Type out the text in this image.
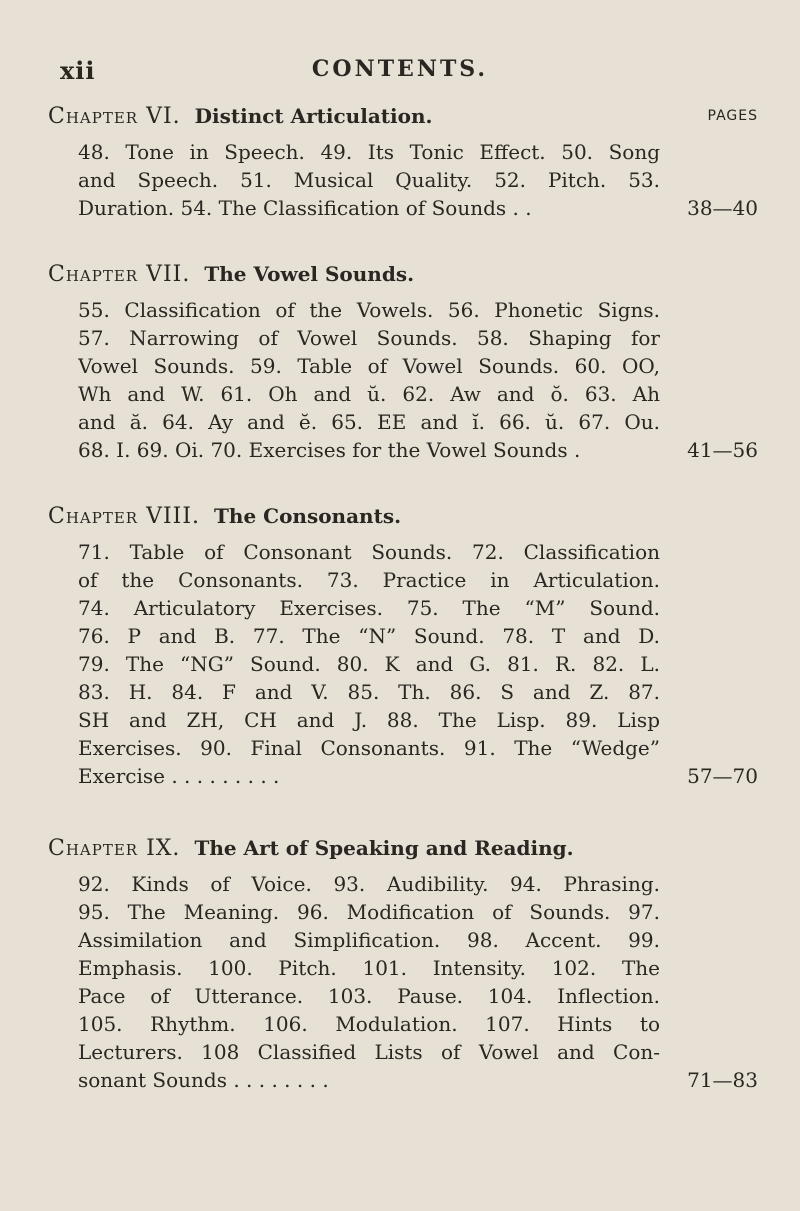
xii	CONTENTS.
Chapter VI. Distinct Articulation.	PAGES
48. Tone in Speech. 49. Its Tonic Effect. 50. Song
and Speech. 51. Musical Quality. 52. Pitch. 53.
Duration. 54. The Classification of Sounds . .	38—40
Chapter VII. The Vowel Sounds.
55. Classification of the Vowels. 56. Phonetic Signs.
57. Narrowing of Vowel Sounds. 58. Shaping for
Vowel Sounds. 59. Table of Vowel Sounds. 60. OO,
Wh and W. 61. Oh and ŭ. 62. Aw and ŏ. 63. Ah
and ă. 64. Ay and ĕ. 65. EE and ĭ. 66. ŭ. 67. Ou.
68. I. 69. Oi. 70. Exercises for the Vowel Sounds .	41—56
Chapter VIII. The Consonants.
71. Table of Consonant Sounds. 72. Classification
of the Consonants. 73. Practice in Articulation.
74. Articulatory Exercises. 75. The “M” Sound.
76. P and B. 77. The “N” Sound. 78. T and D.
79. The “NG” Sound. 80. K and G. 81. R. 82. L.
83. H. 84. F and V. 85. Th. 86. S and Z. 87.
SH and ZH, CH and J. 88. The Lisp. 89. Lisp
Exercises. 90. Final Consonants. 91. The “Wedge”
Exercise . . . . . . . . .	57—70
Chapter IX. The Art of Speaking and Reading.
92. Kinds of Voice. 93. Audibility. 94. Phrasing.
95. The Meaning. 96. Modification of Sounds. 97.
Assimilation and Simplification. 98. Accent. 99.
Emphasis. 100. Pitch. 101. Intensity. 102. The
Pace of Utterance. 103. Pause. 104. Inflection.
105. Rhythm. 106. Modulation. 107. Hints to
Lecturers. 108 Classified Lists of Vowel and Con-
sonant Sounds . . . . . . . .	71—83
